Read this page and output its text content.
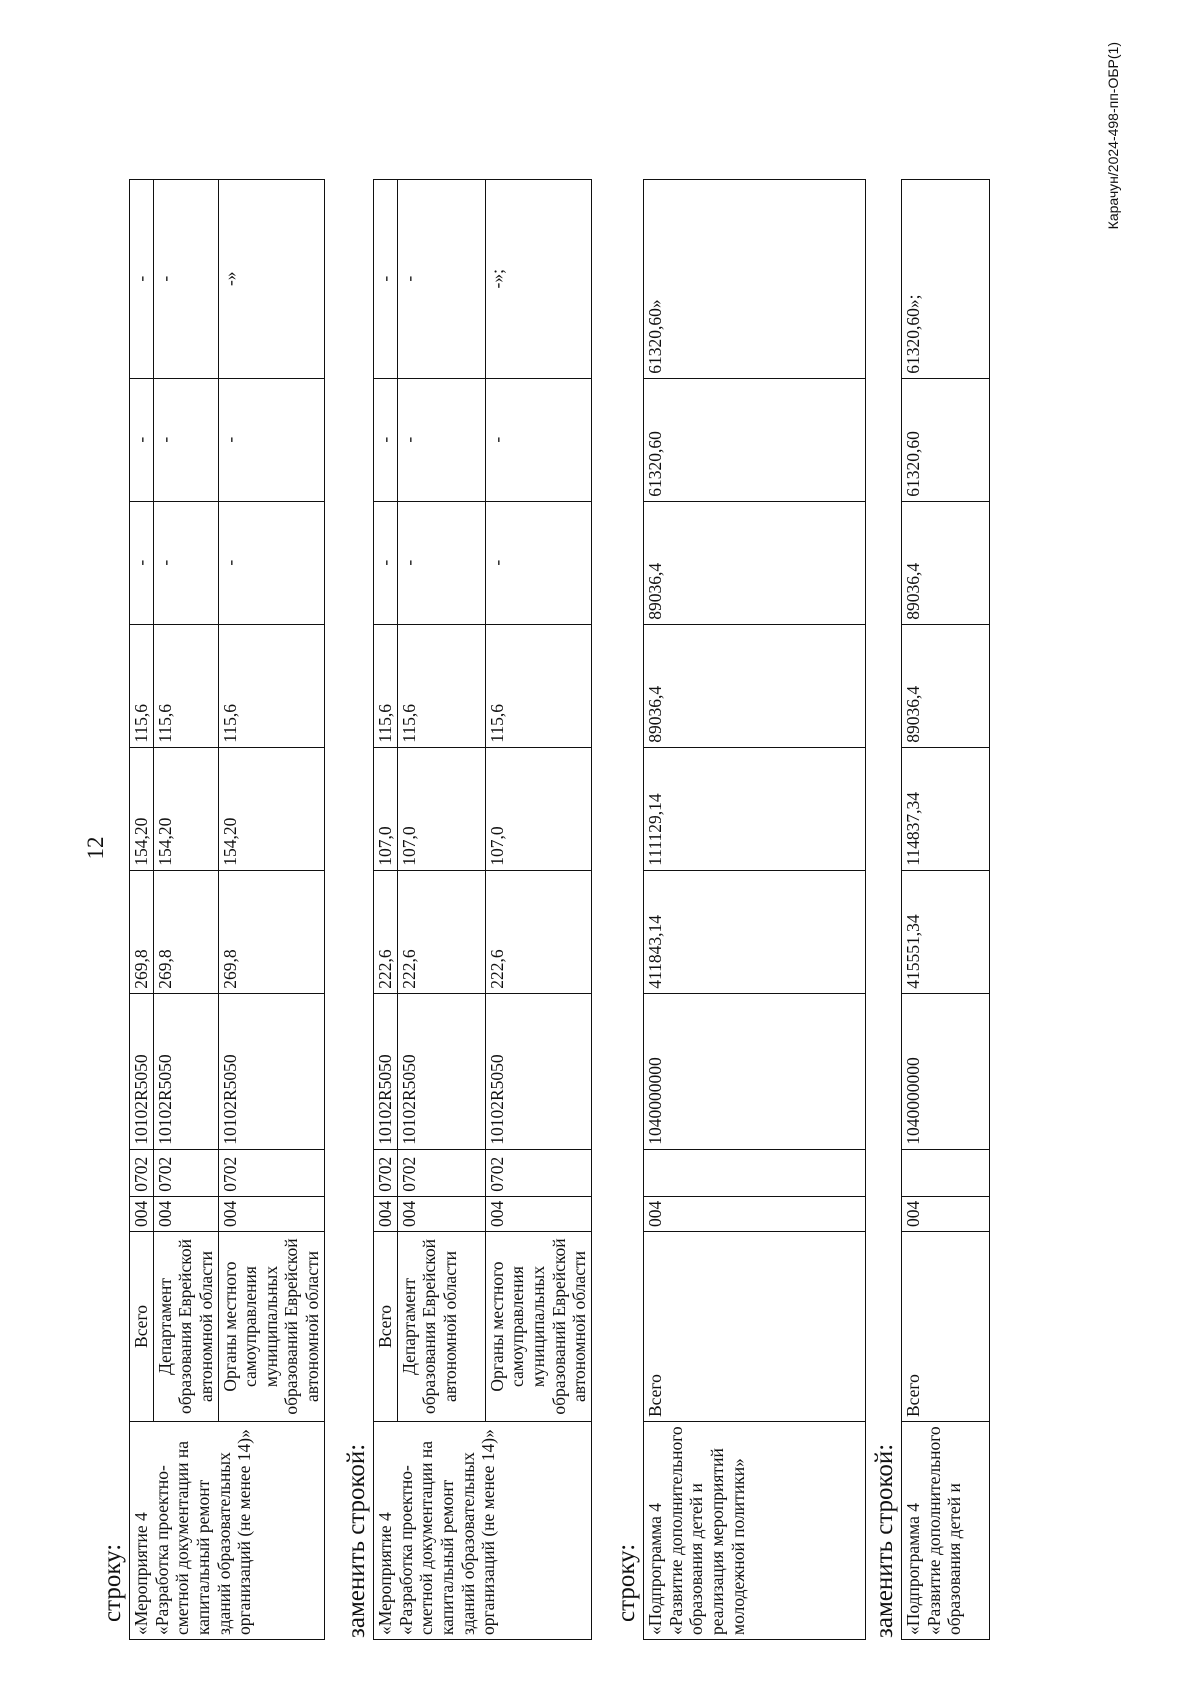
12
строку: «Мероприятие 4 «Разработка проектно-сметной документации на капитальный ремонт зданий образовательных организаций (не менее 14)»	Всего	004	0702	10102R5050	269,8	154,20	115,6	-	-	-
	Департамент образования Еврейской автономной области	004	0702	10102R5050	269,8	154,20	115,6	-	-	-
	Органы местного самоуправления муниципальных образований Еврейской автономной области	004	0702	10102R5050	269,8	154,20	115,6	-	-	-»
заменить строкой: «Мероприятие 4 «Разработка проектно-сметной документации на капитальный ремонт зданий образовательных организаций (не менее 14)»	Всего	004	0702	10102R5050	222,6	107,0	115,6	-	-	-
	Департамент образования Еврейской автономной области	004	0702	10102R5050	222,6	107,0	115,6	-	-	-
	Органы местного самоуправления муниципальных образований Еврейской автономной области	004	0702	10102R5050	222,6	107,0	115,6	-	-	-»;
строку: «Подпрограмма 4 «Развитие дополнительного образования детей и реализация мероприятий молодежной политики»	Всего	004		1040000000	411843,14	111129,14	89036,4	89036,4	61320,60	61320,60»
заменить строкой: «Подпрограмма 4 «Развитие дополнительного образования детей и	Всего	004		1040000000	415551,34	114837,34	89036,4	89036,4	61320,60	61320,60»;
Карачун/2024-498-пп-ОБР(1)
